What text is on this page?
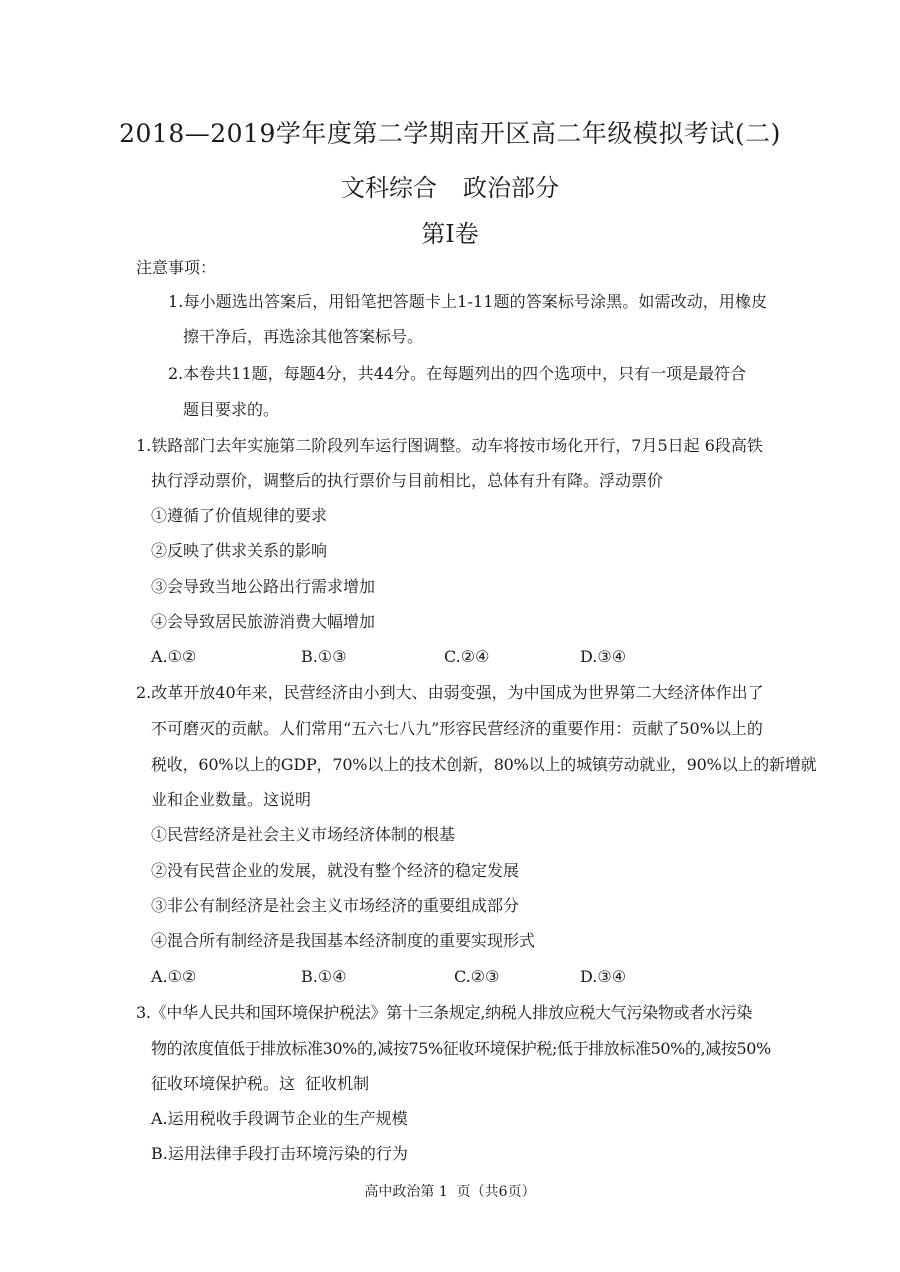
2018—2019学年度第二学期南开区高二年级模拟考试(二)
文科综合 政治部分
第Ⅰ卷
注意事项：
1.每小题选出答案后，用铅笔把答题卡上1-11题的答案标号涂黑。如需改动，用橡皮
擦干净后，再选涂其他答案标号。
2.本卷共11题，每题4分，共44分。在每题列出的四个选项中，只有一项是最符合
题目要求的。
1.铁路部门去年实施第二阶段列车运行图调整。动车将按市场化开行，7月5日起 6段高铁
执行浮动票价，调整后的执行票价与目前相比，总体有升有降。浮动票价
①遵循了价值规律的要求
②反映了供求关系的影响
③会导致当地公路出行需求增加
④会导致居民旅游消费大幅增加
A.①②	B.①③	C.②④	D.③④
2.改革开放40年来，民营经济由小到大、由弱变强，为中国成为世界第二大经济体作出了
不可磨灭的贡献。人们常用“五六七八九”形容民营经济的重要作用：贡献了50%以上的
税收，60%以上的GDP，70%以上的技术创新，80%以上的城镇劳动就业，90%以上的新增就
业和企业数量。这说明
①民营经济是社会主义市场经济体制的根基
②没有民营企业的发展，就没有整个经济的稳定发展
③非公有制经济是社会主义市场经济的重要组成部分
④混合所有制经济是我国基本经济制度的重要实现形式
A.①②	B.①④	C.②③	D.③④
3.《中华人民共和国环境保护税法》第十三条规定,纳税人排放应税大气污染物或者水污染
物的浓度值低于排放标准30%的,减按75%征收环境保护税;低于排放标准50%的,减按50%
征收环境保护税。这  征收机制
A.运用税收手段调节企业的生产规模
B.运用法律手段打击环境污染的行为
高中政治第 1  页（共6页）
